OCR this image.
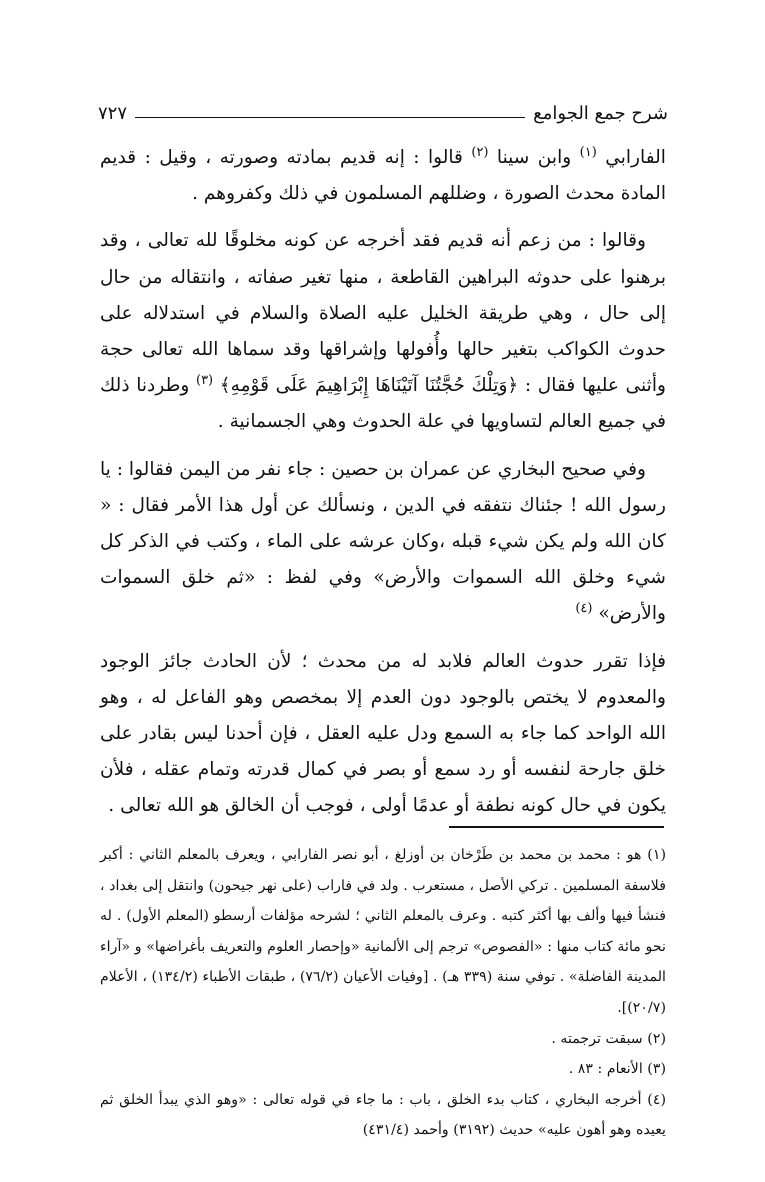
شرح جمع الجوامع
٧٢٧

الفارابي $^{(١)}$ وابن سينا $^{(٢)}$ قالوا : إنه قديم بمادته وصورته ، وقيل : قديم المادة محدث الصورة ، وضللهم المسلمون في ذلك وكفروهم .

وقالوا : من زعم أنه قديم فقد أخرجه عن كونه مخلوقًا لله تعالى ، وقد برهنوا على حدوثه البراهين القاطعة ، منها تغير صفاته ، وانتقاله من حال إلى حال ، وهي طريقة الخليل عليه الصلاة والسلام في استدلاله على حدوث الكواكب بتغير حالها وأُفولها وإشراقها وقد سماها الله تعالى حجة وأثنى عليها فقال : ﴿وَتِلْكَ حُجَّتُنَا آتَيْنَاهَا إِبْرَاهِيمَ عَلَى قَوْمِهِ﴾ $^{(٣)}$ وطردنا ذلك في جميع العالم لتساويها في علة الحدوث وهي الجسمانية .

وفي صحيح البخاري عن عمران بن حصين : جاء نفر من اليمن فقالوا : يا رسول الله ! جئناك نتفقه في الدين ، ونسألك عن أول هذا الأمر فقال : « كان الله ولم يكن شيء قبله ،وكان عرشه على الماء ، وكتب في الذكر كل شيء وخلق الله السموات والأرض» وفي لفظ : «ثم خلق السموات والأرض» $^{(٤)}$

فإذا تقرر حدوث العالم فلابد له من محدث ؛ لأن الحادث جائز الوجود والمعدوم لا يختص بالوجود دون العدم إلا بمخصص وهو الفاعل له ، وهو الله الواحد كما جاء به السمع ودل عليه العقل ، فإن أحدنا ليس بقادر على خلق جارحة لنفسه أو رد سمع أو بصر في كمال قدرته وتمام عقله ، فلأن يكون في حال كونه نطفة أو عدمًا أولى ، فوجب أن الخالق هو الله تعالى .

(١) هو : محمد بن محمد بن طَرْخان بن أوزلغ ، أبو نصر الفارابي ، ويعرف بالمعلم الثاني : أكبر فلاسفة المسلمين . تركي الأصل ، مستعرب . ولد في فاراب (على نهر جيحون) وانتقل إلى بغداد ، فنشأ فيها وألف بها أكثر كتبه . وعرف بالمعلم الثاني ؛ لشرحه مؤلفات أرسطو (المعلم الأول) . له نحو مائة كتاب منها : «الفصوص» ترجم إلى الألمانية «وإحصار العلوم والتعريف بأغراضها» و «آراء المدينة الفاضلة» . توفي سنة (٣٣٩ هـ) . [وفيات الأعيان (٧٦/٢) ، طبقات الأطباء (١٣٤/٢) ، الأعلام (٢٠/٧)].

(٢) سبقت ترجمته .

(٣) الأنعام : ٨٣ .

(٤) أخرجه البخاري ، كتاب بدء الخلق ، باب : ما جاء في قوله تعالى : «وهو الذي يبدأ الخلق ثم يعيده وهو أهون عليه» حديث (٣١٩٢) وأحمد (٤٣١/٤)
